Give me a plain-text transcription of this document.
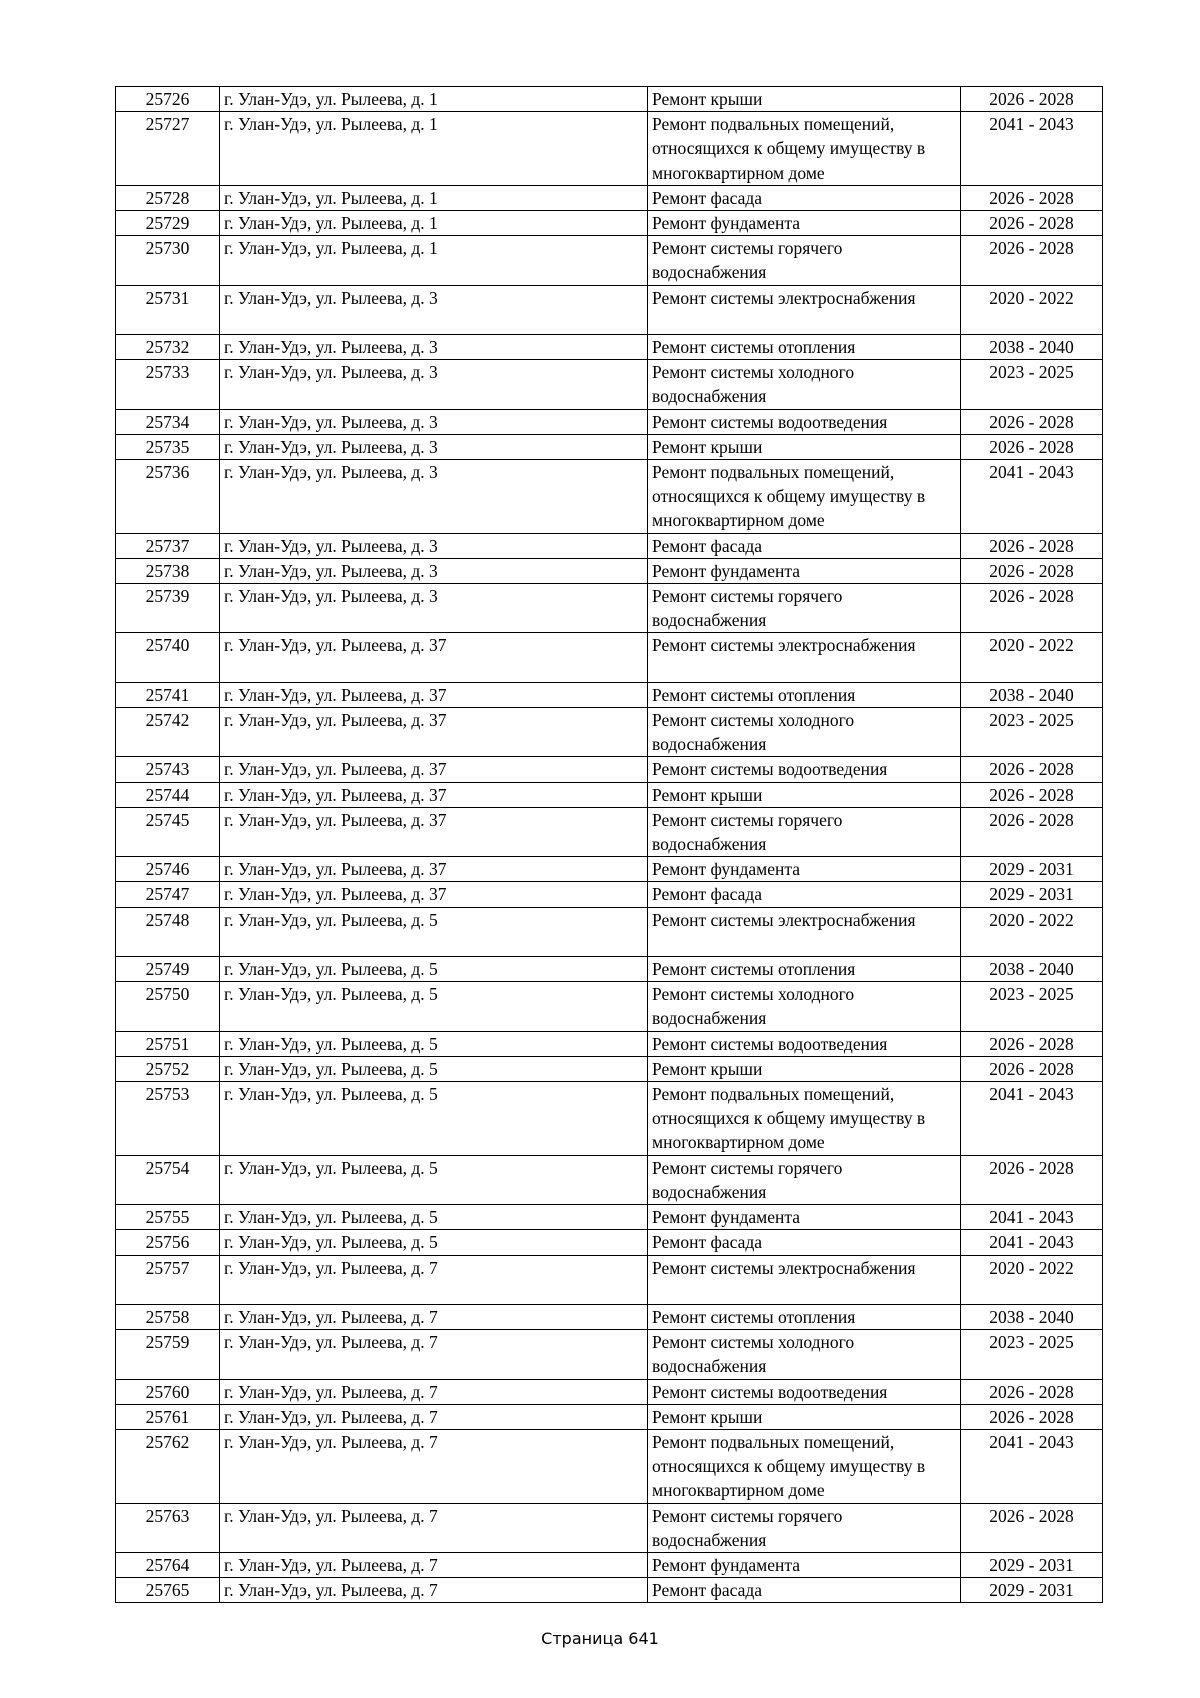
25726	г. Улан-Удэ, ул. Рылеева, д. 1	Ремонт крыши	2026 - 2028
25727	г. Улан-Удэ, ул. Рылеева, д. 1	Ремонт подвальных помещений, относящихся к общему имуществу в многоквартирном доме	2041 - 2043
25728	г. Улан-Удэ, ул. Рылеева, д. 1	Ремонт фасада	2026 - 2028
25729	г. Улан-Удэ, ул. Рылеева, д. 1	Ремонт фундамента	2026 - 2028
25730	г. Улан-Удэ, ул. Рылеева, д. 1	Ремонт системы горячего водоснабжения	2026 - 2028
25731	г. Улан-Удэ, ул. Рылеева, д. 3	Ремонт системы электроснабжения	2020 - 2022
25732	г. Улан-Удэ, ул. Рылеева, д. 3	Ремонт системы отопления	2038 - 2040
25733	г. Улан-Удэ, ул. Рылеева, д. 3	Ремонт системы холодного водоснабжения	2023 - 2025
25734	г. Улан-Удэ, ул. Рылеева, д. 3	Ремонт системы водоотведения	2026 - 2028
25735	г. Улан-Удэ, ул. Рылеева, д. 3	Ремонт крыши	2026 - 2028
25736	г. Улан-Удэ, ул. Рылеева, д. 3	Ремонт подвальных помещений, относящихся к общему имуществу в многоквартирном доме	2041 - 2043
25737	г. Улан-Удэ, ул. Рылеева, д. 3	Ремонт фасада	2026 - 2028
25738	г. Улан-Удэ, ул. Рылеева, д. 3	Ремонт фундамента	2026 - 2028
25739	г. Улан-Удэ, ул. Рылеева, д. 3	Ремонт системы горячего водоснабжения	2026 - 2028
25740	г. Улан-Удэ, ул. Рылеева, д. 37	Ремонт системы электроснабжения	2020 - 2022
25741	г. Улан-Удэ, ул. Рылеева, д. 37	Ремонт системы отопления	2038 - 2040
25742	г. Улан-Удэ, ул. Рылеева, д. 37	Ремонт системы холодного водоснабжения	2023 - 2025
25743	г. Улан-Удэ, ул. Рылеева, д. 37	Ремонт системы водоотведения	2026 - 2028
25744	г. Улан-Удэ, ул. Рылеева, д. 37	Ремонт крыши	2026 - 2028
25745	г. Улан-Удэ, ул. Рылеева, д. 37	Ремонт системы горячего водоснабжения	2026 - 2028
25746	г. Улан-Удэ, ул. Рылеева, д. 37	Ремонт фундамента	2029 - 2031
25747	г. Улан-Удэ, ул. Рылеева, д. 37	Ремонт фасада	2029 - 2031
25748	г. Улан-Удэ, ул. Рылеева, д. 5	Ремонт системы электроснабжения	2020 - 2022
25749	г. Улан-Удэ, ул. Рылеева, д. 5	Ремонт системы отопления	2038 - 2040
25750	г. Улан-Удэ, ул. Рылеева, д. 5	Ремонт системы холодного водоснабжения	2023 - 2025
25751	г. Улан-Удэ, ул. Рылеева, д. 5	Ремонт системы водоотведения	2026 - 2028
25752	г. Улан-Удэ, ул. Рылеева, д. 5	Ремонт крыши	2026 - 2028
25753	г. Улан-Удэ, ул. Рылеева, д. 5	Ремонт подвальных помещений, относящихся к общему имуществу в многоквартирном доме	2041 - 2043
25754	г. Улан-Удэ, ул. Рылеева, д. 5	Ремонт системы горячего водоснабжения	2026 - 2028
25755	г. Улан-Удэ, ул. Рылеева, д. 5	Ремонт фундамента	2041 - 2043
25756	г. Улан-Удэ, ул. Рылеева, д. 5	Ремонт фасада	2041 - 2043
25757	г. Улан-Удэ, ул. Рылеева, д. 7	Ремонт системы электроснабжения	2020 - 2022
25758	г. Улан-Удэ, ул. Рылеева, д. 7	Ремонт системы отопления	2038 - 2040
25759	г. Улан-Удэ, ул. Рылеева, д. 7	Ремонт системы холодного водоснабжения	2023 - 2025
25760	г. Улан-Удэ, ул. Рылеева, д. 7	Ремонт системы водоотведения	2026 - 2028
25761	г. Улан-Удэ, ул. Рылеева, д. 7	Ремонт крыши	2026 - 2028
25762	г. Улан-Удэ, ул. Рылеева, д. 7	Ремонт подвальных помещений, относящихся к общему имуществу в многоквартирном доме	2041 - 2043
25763	г. Улан-Удэ, ул. Рылеева, д. 7	Ремонт системы горячего водоснабжения	2026 - 2028
25764	г. Улан-Удэ, ул. Рылеева, д. 7	Ремонт фундамента	2029 - 2031
25765	г. Улан-Удэ, ул. Рылеева, д. 7	Ремонт фасада	2029 - 2031
Страница 641
